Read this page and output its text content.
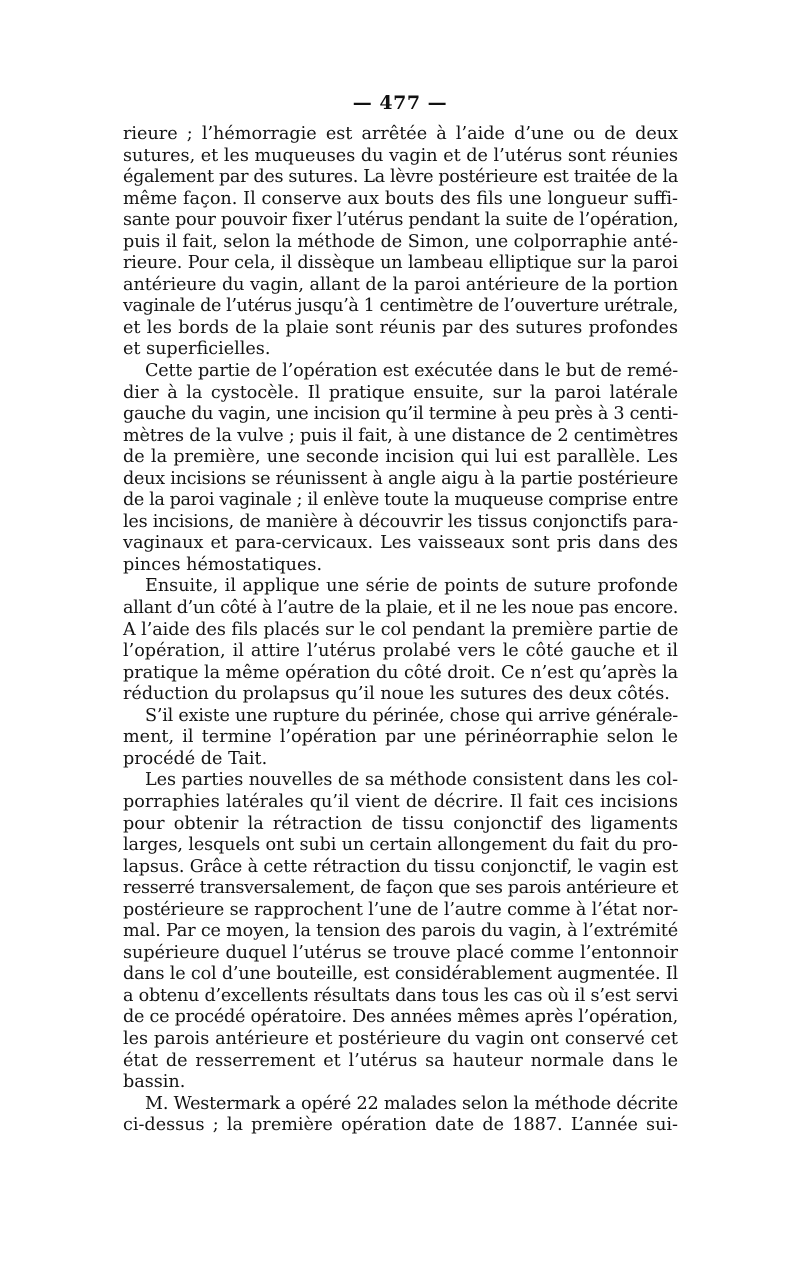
— 477 —
rieure ; l’hémorragie est arrêtée à l’aide d’une ou de deux
sutures, et les muqueuses du vagin et de l’utérus sont réunies
également par des sutures. La lèvre postérieure est traitée de la
même façon. Il conserve aux bouts des fils une longueur suffi-
sante pour pouvoir fixer l’utérus pendant la suite de l’opération,
puis il fait, selon la méthode de Simon, une colporraphie anté-
rieure. Pour cela, il dissèque un lambeau elliptique sur la paroi
antérieure du vagin, allant de la paroi antérieure de la portion
vaginale de l’utérus jusqu’à 1 centimètre de l’ouverture urétrale,
et les bords de la plaie sont réunis par des sutures profondes
et superficielles.
Cette partie de l’opération est exécutée dans le but de remé-
dier à la cystocèle. Il pratique ensuite, sur la paroi latérale
gauche du vagin, une incision qu’il termine à peu près à 3 centi-
mètres de la vulve ; puis il fait, à une distance de 2 centimètres
de la première, une seconde incision qui lui est parallèle. Les
deux incisions se réunissent à angle aigu à la partie postérieure
de la paroi vaginale ; il enlève toute la muqueuse comprise entre
les incisions, de manière à découvrir les tissus conjonctifs para-
vaginaux et para-cervicaux. Les vaisseaux sont pris dans des
pinces hémostatiques.
Ensuite, il applique une série de points de suture profonde
allant d’un côté à l’autre de la plaie, et il ne les noue pas encore.
A l’aide des fils placés sur le col pendant la première partie de
l’opération, il attire l’utérus prolabé vers le côté gauche et il
pratique la même opération du côté droit. Ce n’est qu’après la
réduction du prolapsus qu’il noue les sutures des deux côtés.
S’il existe une rupture du périnée, chose qui arrive générale-
ment, il termine l’opération par une périnéorraphie selon le
procédé de Tait.
Les parties nouvelles de sa méthode consistent dans les col-
porraphies latérales qu’il vient de décrire. Il fait ces incisions
pour obtenir la rétraction de tissu conjonctif des ligaments
larges, lesquels ont subi un certain allongement du fait du pro-
lapsus. Grâce à cette rétraction du tissu conjonctif, le vagin est
resserré transversalement, de façon que ses parois antérieure et
postérieure se rapprochent l’une de l’autre comme à l’état nor-
mal. Par ce moyen, la tension des parois du vagin, à l’extrémité
supérieure duquel l’utérus se trouve placé comme l’entonnoir
dans le col d’une bouteille, est considérablement augmentée. Il
a obtenu d’excellents résultats dans tous les cas où il s’est servi
de ce procédé opératoire. Des années mêmes après l’opération,
les parois antérieure et postérieure du vagin ont conservé cet
état de resserrement et l’utérus sa hauteur normale dans le
bassin.
M. Westermark a opéré 22 malades selon la méthode décrite
ci-dessus ; la première opération date de 1887. L’année sui-
